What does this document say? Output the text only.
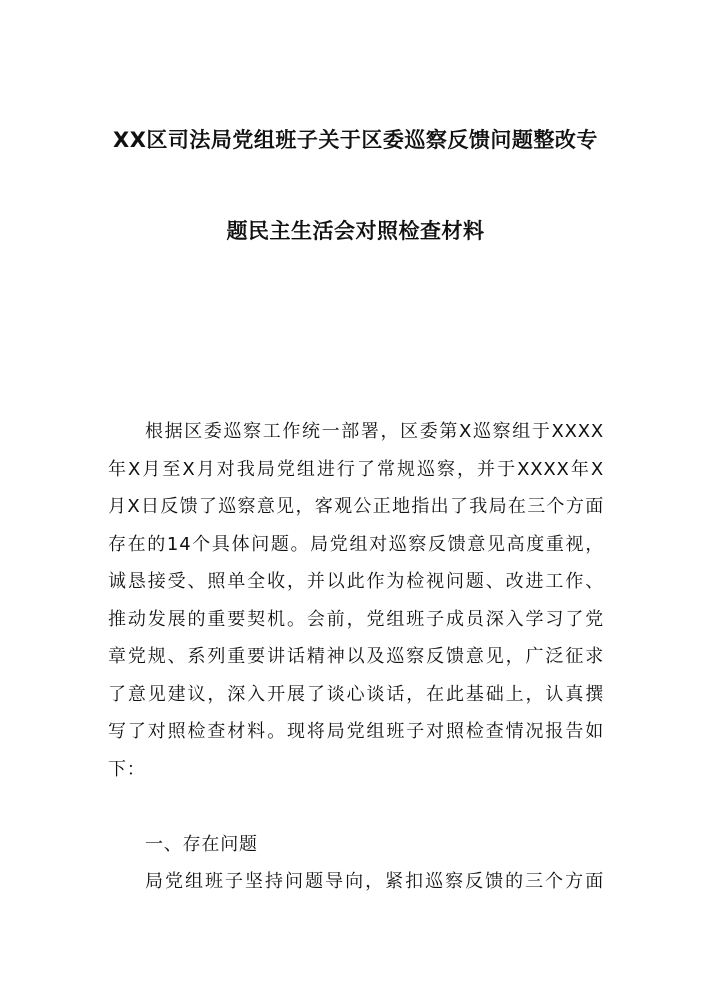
XX区司法局党组班子关于区委巡察反馈问题整改专
题民主生活会对照检查材料
根据区委巡察工作统一部署，区委第X巡察组于XXXX
年X月至X月对我局党组进行了常规巡察，并于XXXX年X
月X日反馈了巡察意见，客观公正地指出了我局在三个方面
存在的14个具体问题。局党组对巡察反馈意见高度重视，
诚恳接受、照单全收，并以此作为检视问题、改进工作、
推动发展的重要契机。会前，党组班子成员深入学习了党
章党规、系列重要讲话精神以及巡察反馈意见，广泛征求
了意见建议，深入开展了谈心谈话，在此基础上，认真撰
写了对照检查材料。现将局党组班子对照检查情况报告如
下：
一、存在问题
局党组班子坚持问题导向，紧扣巡察反馈的三个方面
